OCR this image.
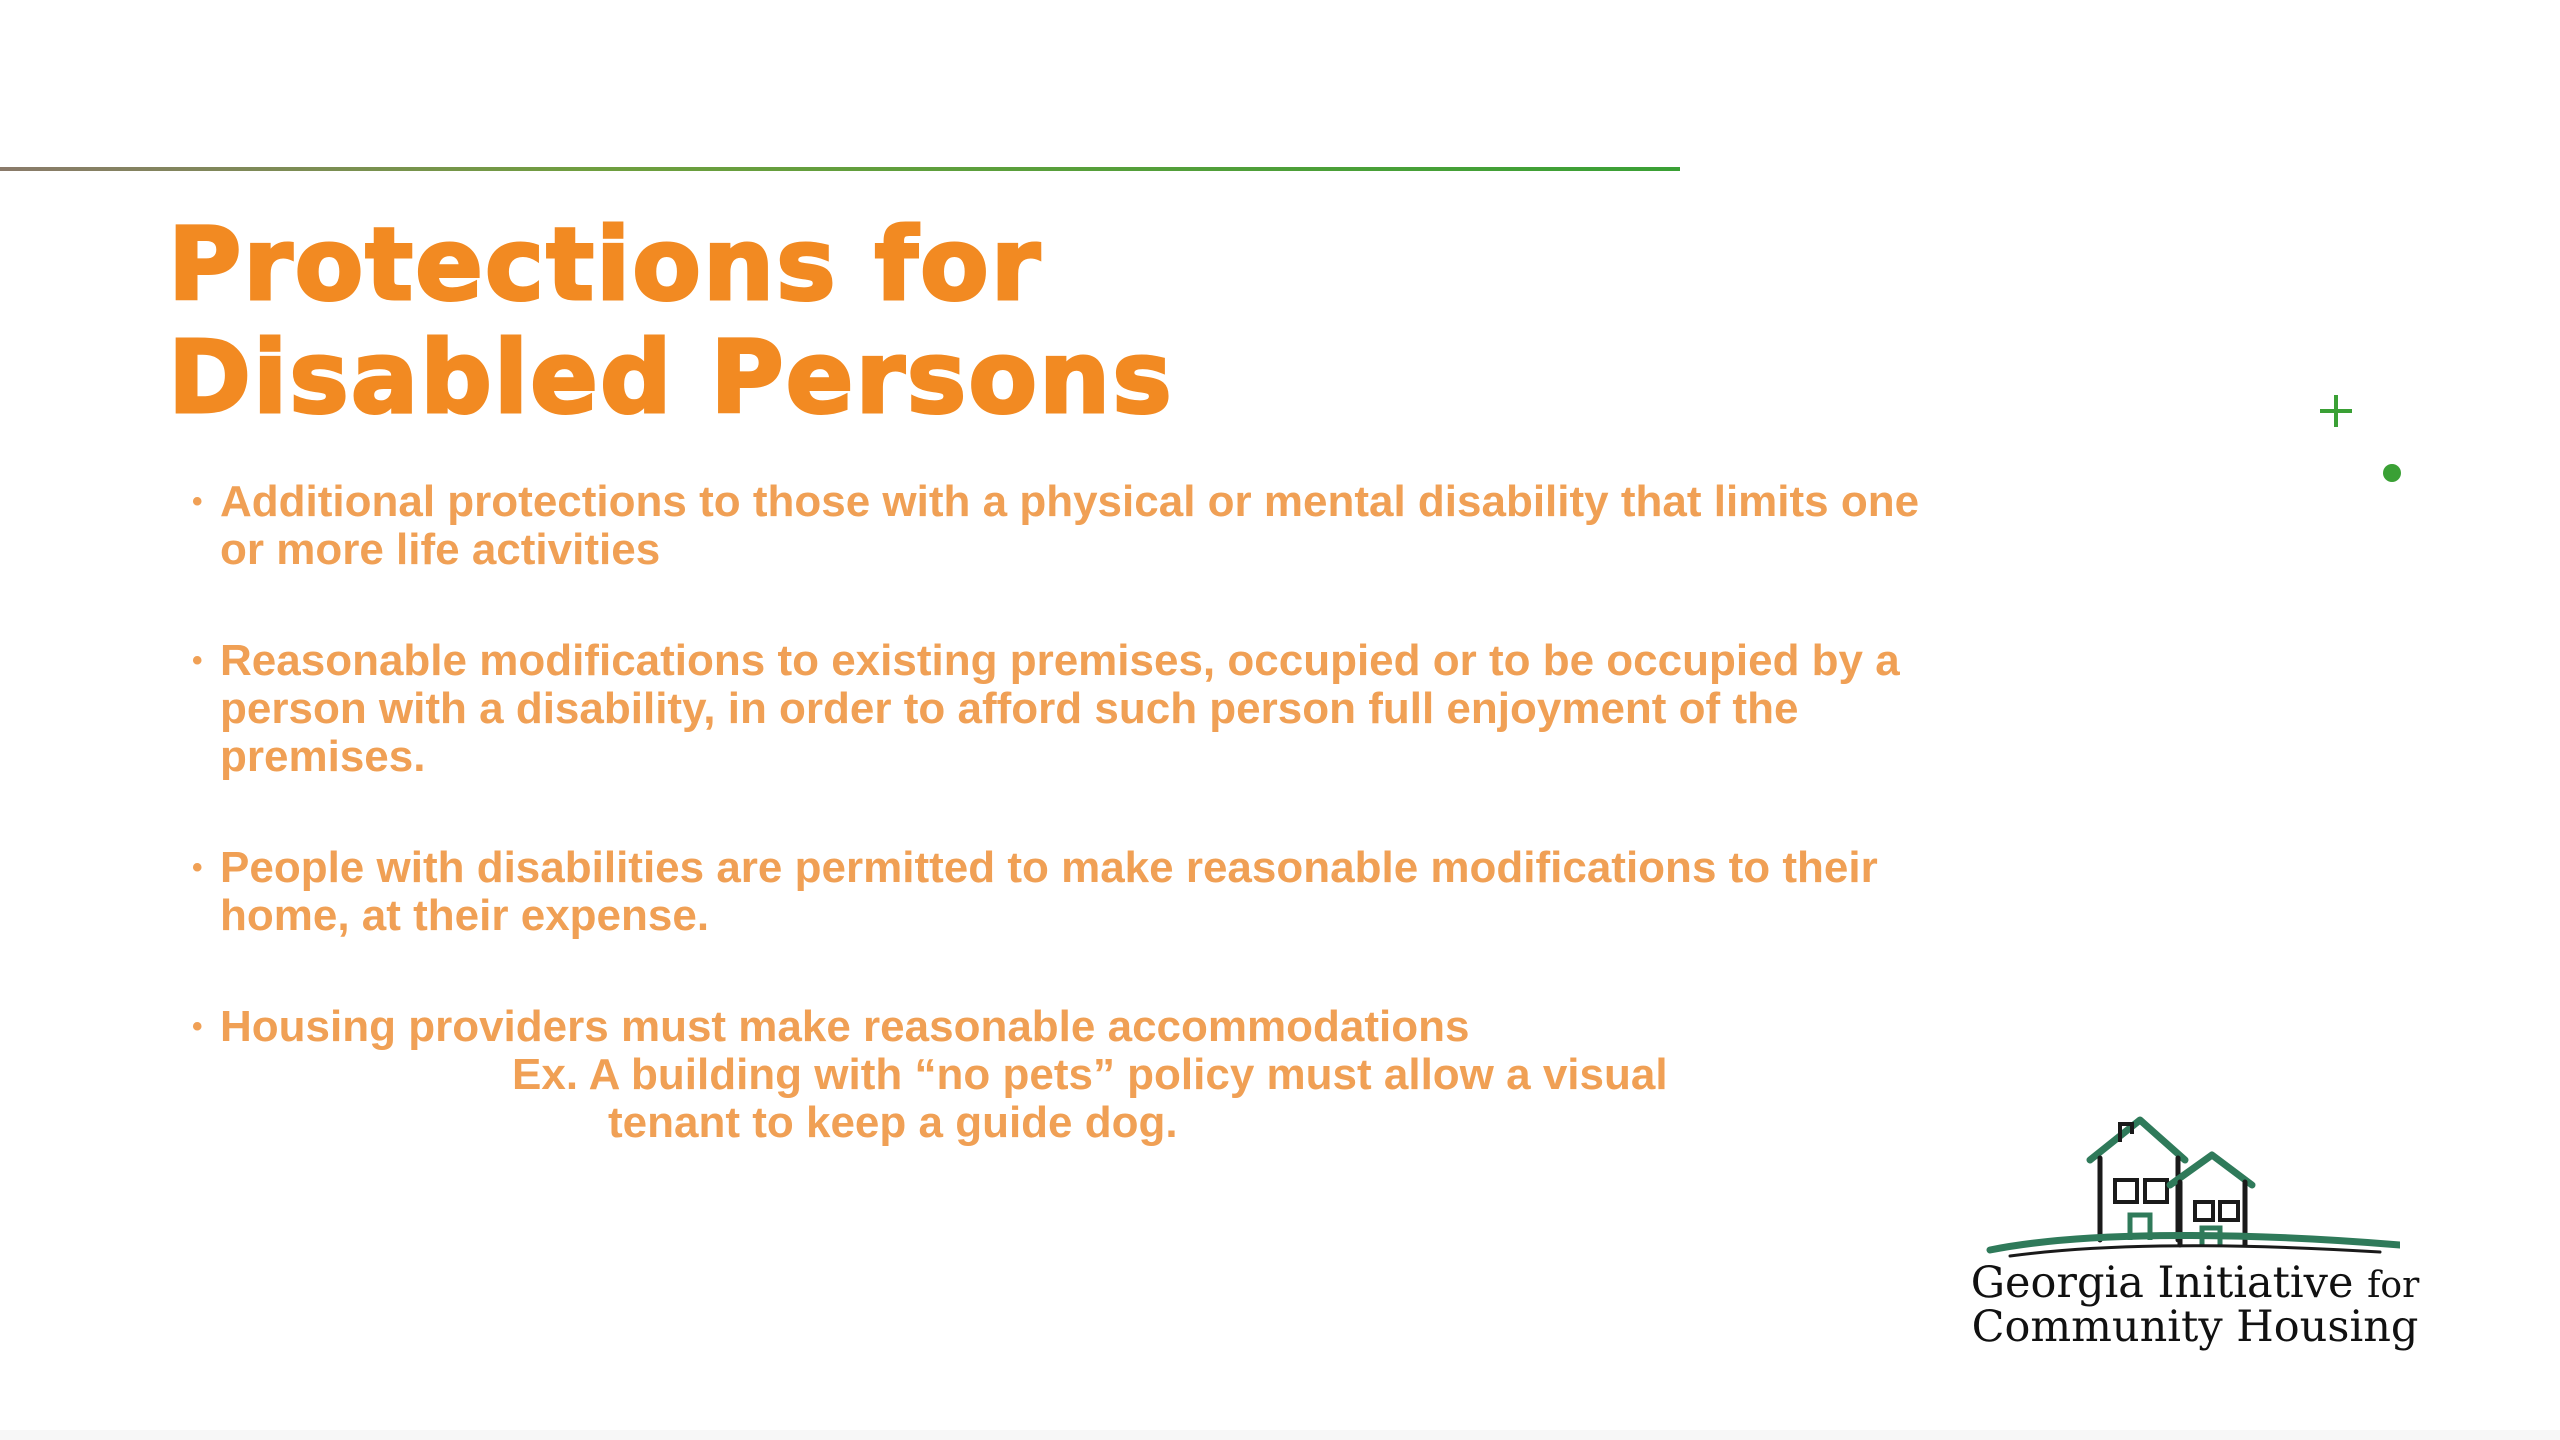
Protections for
Disabled Persons
• Additional protections to those with a physical or mental disability that limits one
or more life activities
• Reasonable modifications to existing premises, occupied or to be occupied by a
person with a disability, in order to afford such person full enjoyment of the
premises.
• People with disabilities are permitted to make reasonable modifications to their
home, at their expense.
• Housing providers must make reasonable accommodations
Ex. A building with “no pets” policy must allow a visual
tenant to keep a guide dog.
Georgia Initiative for
Community Housing
